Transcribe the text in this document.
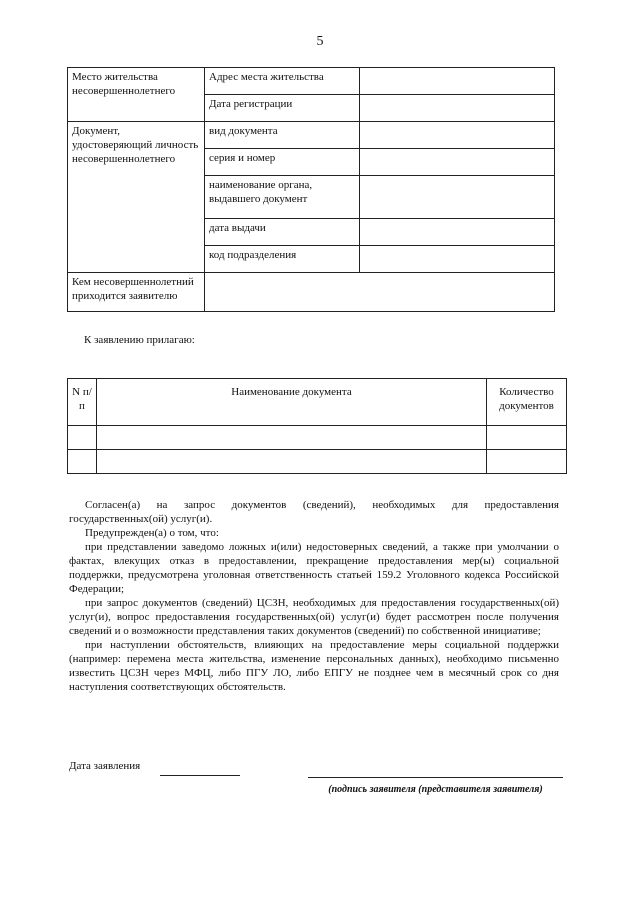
5
Место жительства несовершеннолетнего	Адрес места жительства	
	Дата регистрации	
Документ, удостоверяющий личность несовершеннолетнего	вид документа	
	серия и номер	
	наименование органа, выдавшего документ	
	дата выдачи	
	код подразделения	
Кем несовершеннолетний приходится заявителю		
К заявлению прилагаю:
N п/п	Наименование документа	Количество документов

Согласен(а) на запрос документов (сведений), необходимых для предоставления государственных(ой) услуг(и).

Предупрежден(а) о том, что:

при представлении заведомо ложных и(или) недостоверных сведений, а также при умолчании о фактах, влекущих отказ в предоставлении, прекращение предоставления мер(ы) социальной поддержки, предусмотрена уголовная ответственность статьей 159.2 Уголовного кодекса Российской Федерации;

при запрос документов (сведений) ЦСЗН, необходимых для предоставления государственных(ой) услуг(и), вопрос предоставления государственных(ой) услуг(и) будет рассмотрен после получения сведений и о возможности представления таких документов (сведений) по собственной инициативе;

при наступлении обстоятельств, влияющих на предоставление меры социальной поддержки (например: перемена места жительства, изменение персональных данных), необходимо письменно известить ЦСЗН через МФЦ, либо ПГУ ЛО, либо ЕПГУ не позднее чем в месячный срок со дня наступления соответствующих обстоятельств.

Дата заявления
(подпись заявителя (представителя заявителя)
